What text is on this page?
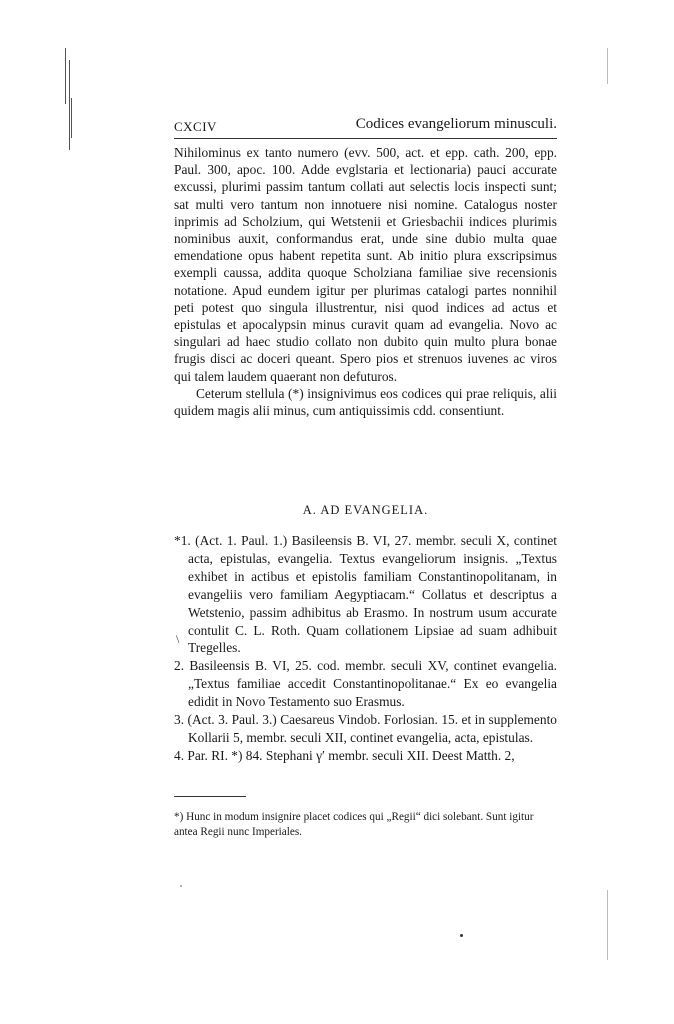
\
CXCIV	Codices evangeliorum minusculi.

Nihilominus ex tanto numero (evv. 500, act. et epp. cath. 200, epp. Paul. 300, apoc. 100. Adde evglstaria et lectionaria) pauci accurate excussi, plurimi passim tantum collati aut selectis locis inspecti sunt; sat multi vero tantum non innotuere nisi nomine. Catalogus noster inprimis ad Scholzium, qui Wetstenii et Griesbachii indices plurimis nominibus auxit, conformandus erat, unde sine dubio multa quae emendatione opus habent repetita sunt. Ab initio plura exscripsimus exempli caussa, addita quoque Scholziana familiae sive recensionis notatione. Apud eundem igitur per plurimas catalogi partes nonnihil peti potest quo singula illustrentur, nisi quod indices ad actus et epistulas et apocalypsin minus curavit quam ad evangelia. Novo ac singulari ad haec studio collato non dubito quin multo plura bonae frugis disci ac doceri queant. Spero pios et strenuos iuvenes ac viros qui talem laudem quaerant non defuturos.

Ceterum stellula (*) insignivimus eos codices qui prae reliquis, alii quidem magis alii minus, cum antiquissimis cdd. consentiunt.

A. AD EVANGELIA.

*1. (Act. 1. Paul. 1.) Basileensis B. VI, 27. membr. seculi X, continet acta, epistulas, evangelia. Textus evangeliorum insignis. „Textus exhibet in actibus et epistolis familiam Constantinopolitanam, in evangeliis vero familiam Aegyptiacam.“ Collatus et descriptus a Wetstenio, passim adhibitus ab Erasmo. In nostrum usum accurate contulit C. L. Roth. Quam collationem Lipsiae ad suam adhibuit Tregelles.

2. Basileensis B. VI, 25. cod. membr. seculi XV, continet evangelia. „Textus familiae accedit Constantinopolitanae.“ Ex eo evangelia edidit in Novo Testamento suo Erasmus.

3. (Act. 3. Paul. 3.) Caesareus Vindob. Forlosian. 15. et in supplemento Kollarii 5, membr. seculi XII, continet evangelia, acta, epistulas.

4. Par. RI. *) 84. Stephani γ′ membr. seculi XII. Deest Matth. 2,

*) Hunc in modum insignire placet codices qui „Regii“ dici solebant. Sunt igitur antea Regii nunc Imperiales.
